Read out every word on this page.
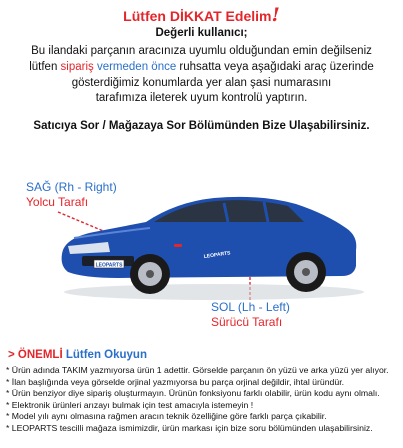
Lütfen DİKKAT Edelim!
Değerli kullanıcı;
Bu ilandaki parçanın aracınıza uyumlu olduğundan emin değilseniz
lütfen sipariş vermeden önce ruhsatta veya aşağıdaki araç üzerinde
gösterdiğimiz konumlarda yer alan şasi numarasını
tarafımıza ileterek uyum kontrolü yaptırın.
Satıcıya Sor / Mağazaya Sor Bölümünden Bize Ulaşabilirsiniz.
SAĞ (Rh - Right)
Yolcu Tarafı
LEOPARTS
LEOPARTS
SOL (Lh - Left)
Sürücü Tarafı
> ÖNEMLİ Lütfen Okuyun
* Ürün adında TAKIM yazmıyorsa ürün 1 adettir. Görselde parçanın ön yüzü ve arka yüzü yer alıyor.
* İlan başlığında veya görselde orjinal yazmıyorsa bu parça orjinal değildir, ihtal üründür.
* Ürün benziyor diye sipariş oluşturmayın. Ürünün fonksiyonu farklı olabilir, ürün kodu aynı olmalı.
* Elektronik ürünleri arızayı bulmak için test amacıyla istemeyin !
* Model yılı aynı olmasına rağmen aracın teknik özelliğine göre farklı parça çıkabilir.
* LEOPARTS tescilli mağaza ismimizdir, ürün markası için bize soru bölümünden ulaşabilirsiniz.
